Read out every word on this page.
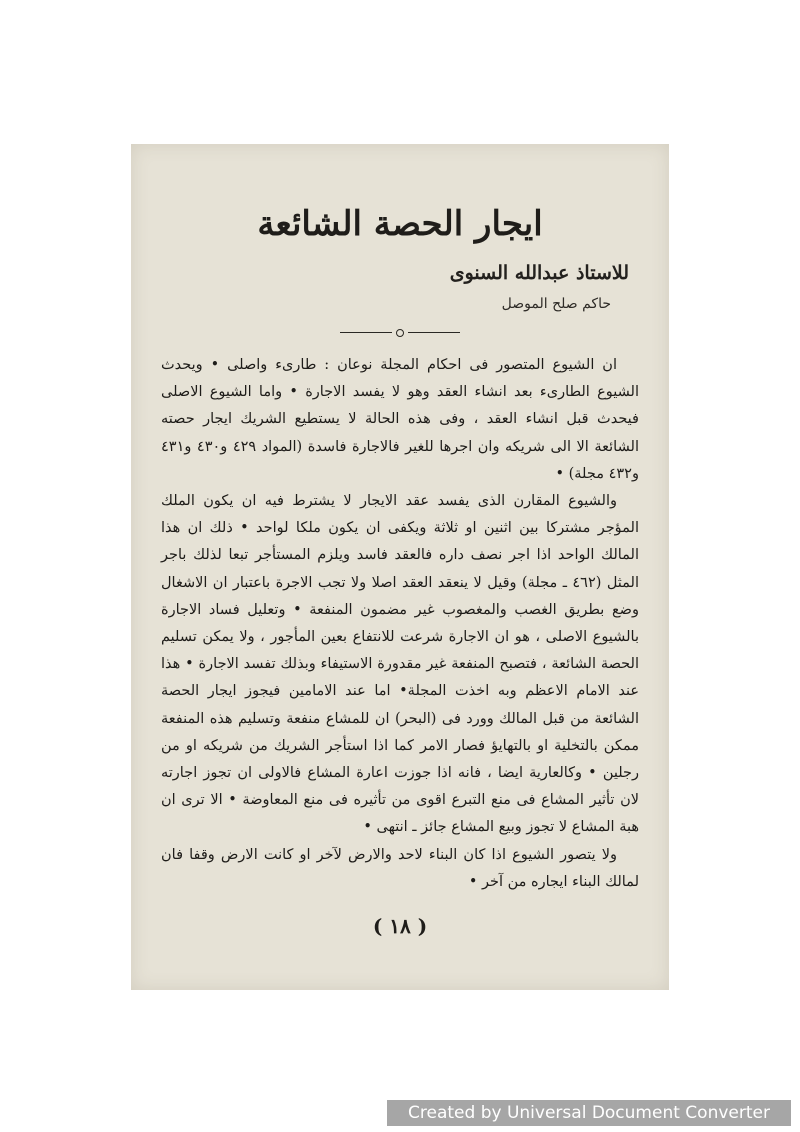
ايجار الحصة الشائعة
للاستاذ عبدالله السنوى
حاكم صلح الموصل

ان الشيوع المتصور فى احكام المجلة نوعان : طارىء واصلى • ويحدث الشيوع الطارىء بعد انشاء العقد وهو لا يفسد الاجارة • واما الشيوع الاصلى فيحدث قبل انشاء العقد ، وفى هذه الحالة لا يستطيع الشريك ايجار حصته الشائعة الا الى شريكه وان اجرها للغير فالاجارة فاسدة (المواد ٤٢٩ و٤٣٠ و٤٣١ و٤٣٢ مجلة) •

والشيوع المقارن الذى يفسد عقد الايجار لا يشترط فيه ان يكون الملك المؤجر مشتركا بين اثنين او ثلاثة ويكفى ان يكون ملكا لواحد • ذلك ان هذا المالك الواحد اذا اجر نصف داره فالعقد فاسد ويلزم المستأجر تبعا لذلك باجر المثل (٤٦٢ ـ مجلة) وقيل لا ينعقد العقد اصلا ولا تجب الاجرة باعتبار ان الاشغال وضع بطريق الغصب والمغصوب غير مضمون المنفعة • وتعليل فساد الاجارة بالشيوع الاصلى ، هو ان الاجارة شرعت للانتفاع بعين المأجور ، ولا يمكن تسليم الحصة الشائعة ، فتصبح المنفعة غير مقدورة الاستيفاء وبذلك تفسد الاجارة • هذا عند الامام الاعظم وبه اخذت المجلة• اما عند الامامين فيجوز ايجار الحصة الشائعة من قبل المالك وورد فى (البحر) ان للمشاع منفعة وتسليم هذه المنفعة ممكن بالتخلية او بالتهايؤ فصار الامر كما اذا استأجر الشريك من شريكه او من رجلين • وكالعارية ايضا ، فانه اذا جوزت اعارة المشاع فالاولى ان تجوز اجارته لان تأثير المشاع فى منع التبرع اقوى من تأثيره فى منع المعاوضة • الا ترى ان هبة المشاع لا تجوز وبيع المشاع جائز ـ انتهى •

ولا يتصور الشيوع اذا كان البناء لاحد والارض لآخر او كانت الارض وقفا فان لمالك البناء ايجاره من آخر •

( ١٨ )
Created by Universal Document Converter
